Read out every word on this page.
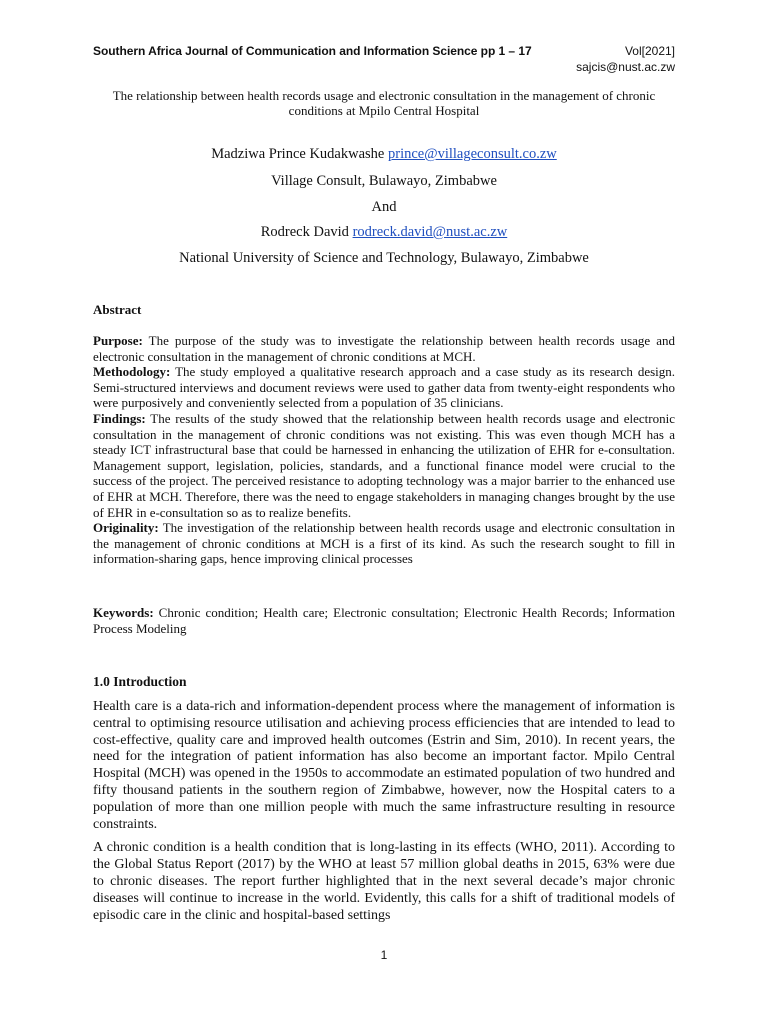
Southern Africa Journal of Communication and Information Science pp 1 – 17	Vol[2021]
sajcis@nust.ac.zw
The relationship between health records usage and electronic consultation in the management of chronic conditions at Mpilo Central Hospital
Madziwa Prince Kudakwashe prince@villageconsult.co.zw
Village Consult, Bulawayo, Zimbabwe
And
Rodreck David rodreck.david@nust.ac.zw
National University of Science and Technology, Bulawayo, Zimbabwe
Abstract

Purpose: The purpose of the study was to investigate the relationship between health records usage and electronic consultation in the management of chronic conditions at MCH.

Methodology: The study employed a qualitative research approach and a case study as its research design. Semi-structured interviews and document reviews were used to gather data from twenty-eight respondents who were purposively and conveniently selected from a population of 35 clinicians.

Findings: The results of the study showed that the relationship between health records usage and electronic consultation in the management of chronic conditions was not existing. This was even though MCH has a steady ICT infrastructural base that could be harnessed in enhancing the utilization of EHR for e-consultation. Management support, legislation, policies, standards, and a functional finance model were crucial to the success of the project. The perceived resistance to adopting technology was a major barrier to the enhanced use of EHR at MCH. Therefore, there was the need to engage stakeholders in managing changes brought by the use of EHR in e-consultation so as to realize benefits.

Originality: The investigation of the relationship between health records usage and electronic consultation in the management of chronic conditions at MCH is a first of its kind. As such the research sought to fill in information-sharing gaps, hence improving clinical processes

Keywords: Chronic condition; Health care; Electronic consultation; Electronic Health Records; Information Process Modeling
1.0 Introduction

Health care is a data-rich and information-dependent process where the management of information is central to optimising resource utilisation and achieving process efficiencies that are intended to lead to cost-effective, quality care and improved health outcomes (Estrin and Sim, 2010). In recent years, the need for the integration of patient information has also become an important factor. Mpilo Central Hospital (MCH) was opened in the 1950s to accommodate an estimated population of two hundred and fifty thousand patients in the southern region of Zimbabwe, however, now the Hospital caters to a population of more than one million people with much the same infrastructure resulting in resource constraints.

A chronic condition is a health condition that is long-lasting in its effects (WHO, 2011). According to the Global Status Report (2017) by the WHO at least 57 million global deaths in 2015, 63% were due to chronic diseases. The report further highlighted that in the next several decade’s major chronic diseases will continue to increase in the world. Evidently, this calls for a shift of traditional models of episodic care in the clinic and hospital-based settings

1
